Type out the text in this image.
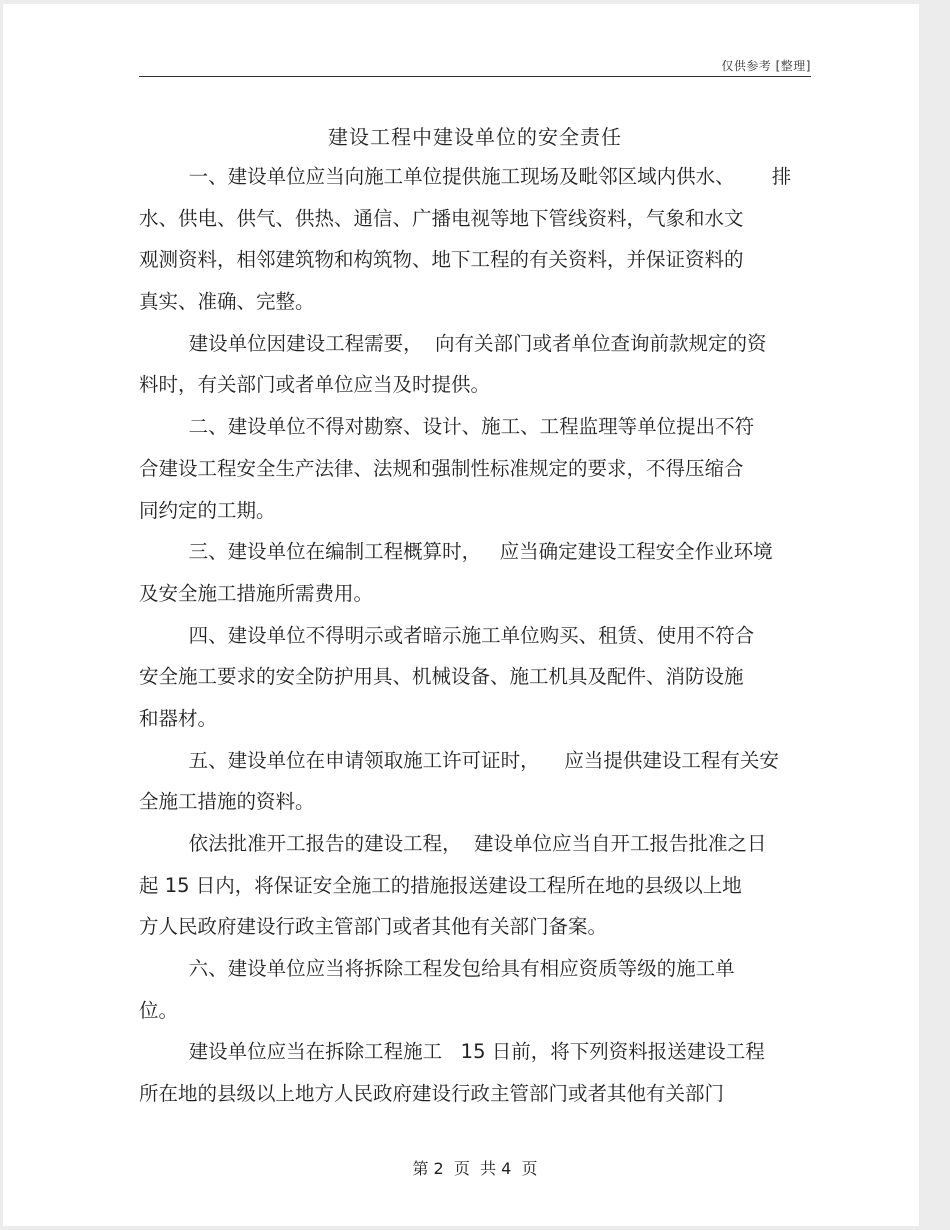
仅供参考 [整理]
建设工程中建设单位的安全责任
一、建设单位应当向施工单位提供施工现场及毗邻区域内供水、      排
水、供电、供气、供热、通信、广播电视等地下管线资料，气象和水文
观测资料，相邻建筑物和构筑物、地下工程的有关资料，并保证资料的
真实、准确、完整。
建设单位因建设工程需要，  向有关部门或者单位查询前款规定的资
料时，有关部门或者单位应当及时提供。
二、建设单位不得对勘察、设计、施工、工程监理等单位提出不符
合建设工程安全生产法律、法规和强制性标准规定的要求，不得压缩合
同约定的工期。
三、建设单位在编制工程概算时，   应当确定建设工程安全作业环境
及安全施工措施所需费用。
四、建设单位不得明示或者暗示施工单位购买、租赁、使用不符合
安全施工要求的安全防护用具、机械设备、施工机具及配件、消防设施
和器材。
五、建设单位在申请领取施工许可证时，    应当提供建设工程有关安
全施工措施的资料。
依法批准开工报告的建设工程，  建设单位应当自开工报告批准之日
起 15 日内，将保证安全施工的措施报送建设工程所在地的县级以上地
方人民政府建设行政主管部门或者其他有关部门备案。
六、建设单位应当将拆除工程发包给具有相应资质等级的施工单
位。
建设单位应当在拆除工程施工   15 日前，将下列资料报送建设工程
所在地的县级以上地方人民政府建设行政主管部门或者其他有关部门
第 2  页  共 4  页
